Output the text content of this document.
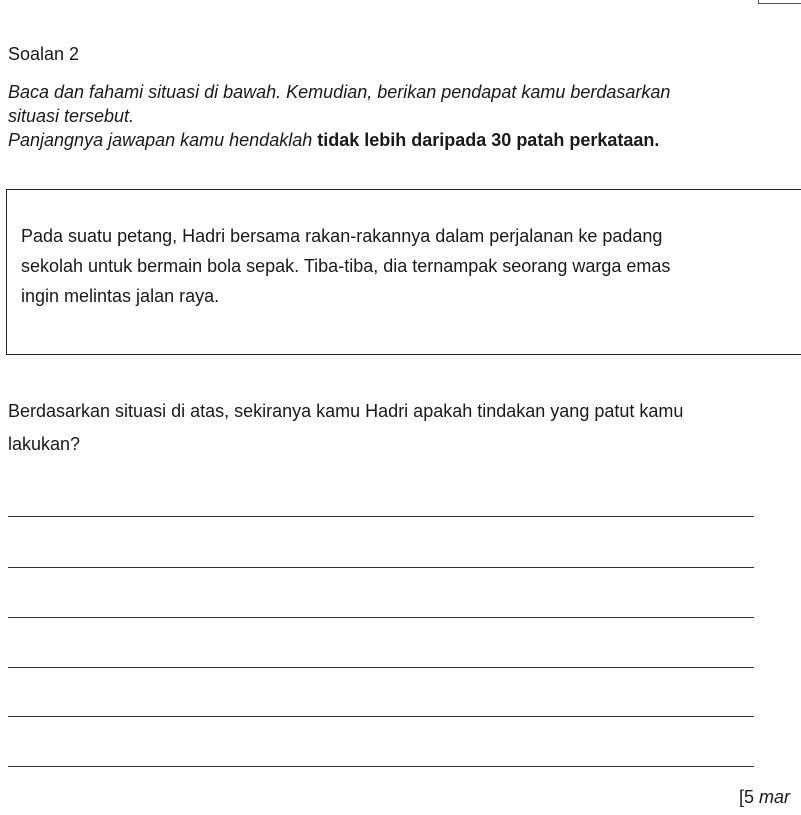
Soalan 2
Baca dan fahami situasi di bawah. Kemudian, berikan pendapat kamu berdasarkan
situasi tersebut.
Panjangnya jawapan kamu hendaklah tidak lebih daripada 30 patah perkataan.
Pada suatu petang, Hadri bersama rakan-rakannya dalam perjalanan ke padang
sekolah untuk bermain bola sepak. Tiba-tiba, dia ternampak seorang warga emas
ingin melintas jalan raya.
Berdasarkan situasi di atas, sekiranya kamu Hadri apakah tindakan yang patut kamu
lakukan?
[5 mar
